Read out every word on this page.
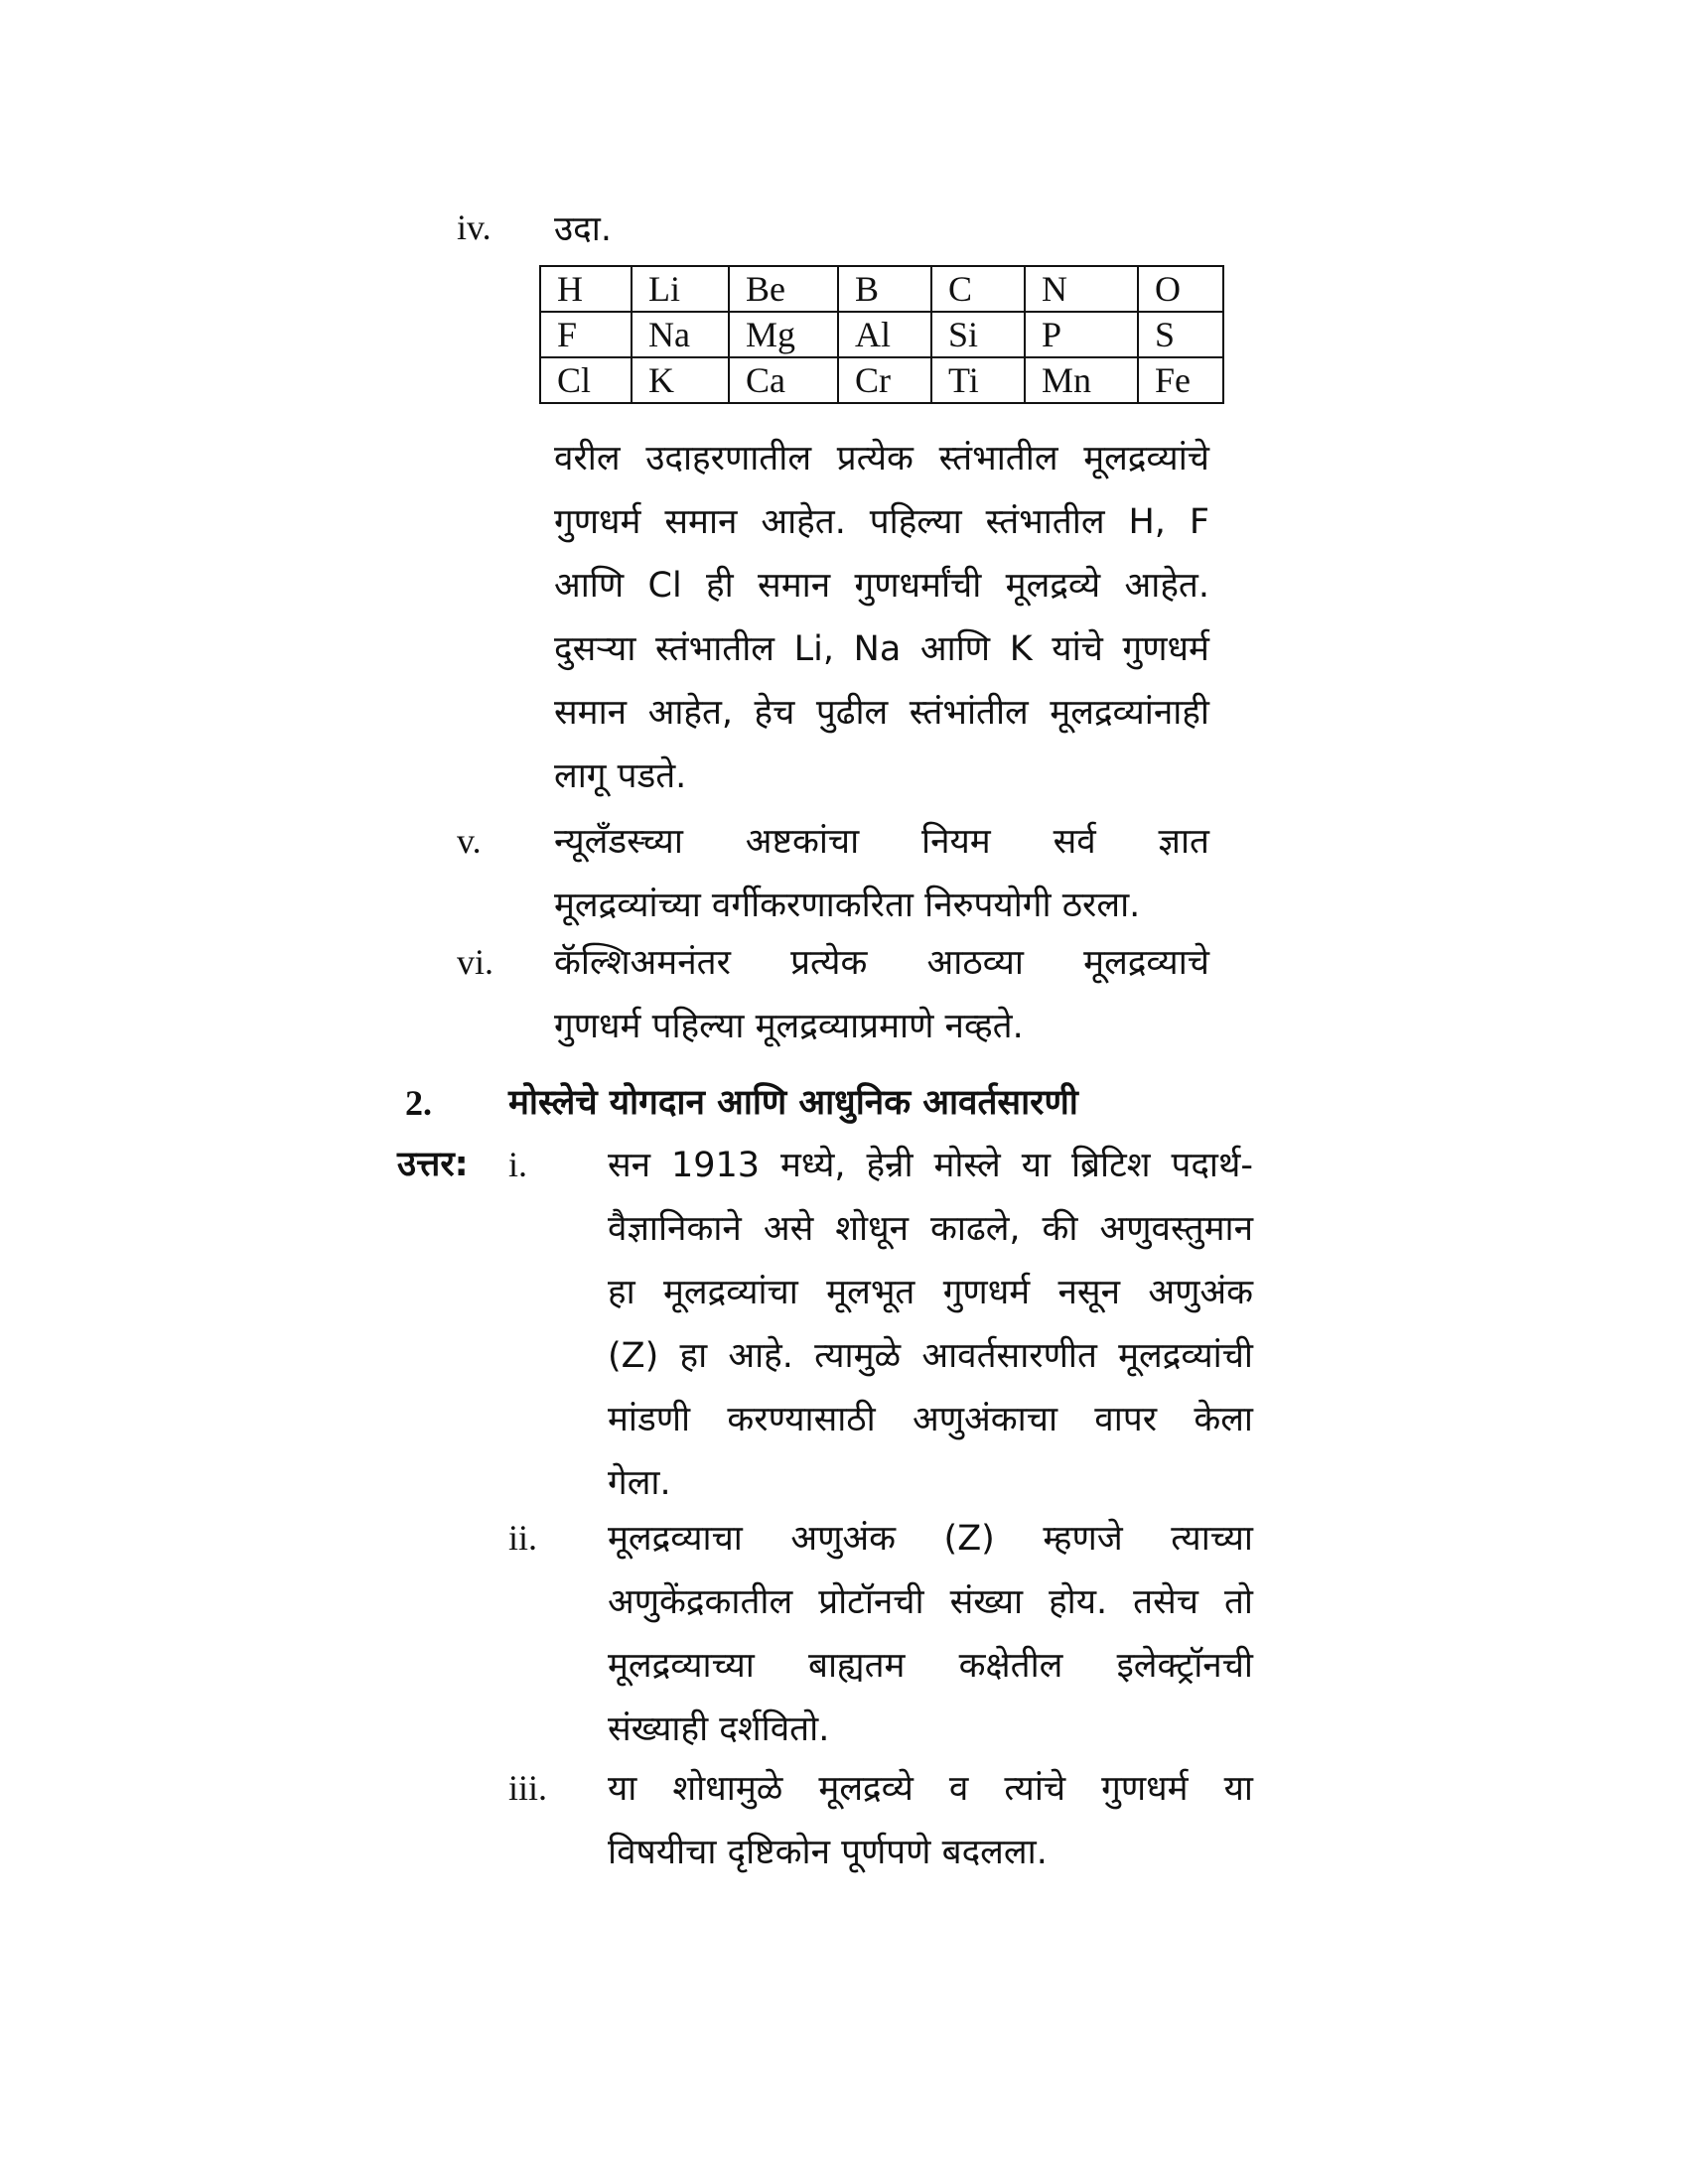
iv. उदा.
H	Li	Be	B	C	N	O
F	Na	Mg	Al	Si	P	S
Cl	K	Ca	Cr	Ti	Mn	Fe
वरील उदाहरणातील प्रत्येक स्तंभातील मूलद्रव्यांचे
गुणधर्म समान आहेत. पहिल्या स्तंभातील H, F
आणि Cl ही समान गुणधर्मांची मूलद्रव्ये आहेत.
दुसऱ्या स्तंभातील Li, Na आणि K यांचे गुणधर्म
समान आहेत, हेच पुढील स्तंभांतील मूलद्रव्यांनाही
लागू पडते.
v. न्यूलँडस्च्या अष्टकांचा नियम सर्व ज्ञात
मूलद्रव्यांच्या वर्गीकरणाकरिता निरुपयोगी ठरला.
vi. कॅल्शिअमनंतर प्रत्येक आठव्या मूलद्रव्याचे
गुणधर्म पहिल्या मूलद्रव्याप्रमाणे नव्हते.
2. मोस्लेचे योगदान आणि आधुनिक आवर्तसारणी
उत्तर: i. सन 1913 मध्ये, हेन्री मोस्ले या ब्रिटिश पदार्थ-
वैज्ञानिकाने असे शोधून काढले, की अणुवस्तुमान
हा मूलद्रव्यांचा मूलभूत गुणधर्म नसून अणुअंक
(Z) हा आहे. त्यामुळे आवर्तसारणीत मूलद्रव्यांची
मांडणी करण्यासाठी अणुअंकाचा वापर केला
गेला.
ii. मूलद्रव्याचा अणुअंक (Z) म्हणजे त्याच्या
अणुकेंद्रकातील प्रोटॉनची संख्या होय. तसेच तो
मूलद्रव्याच्या बाह्यतम कक्षेतील इलेक्ट्रॉनची
संख्याही दर्शवितो.
iii. या शोधामुळे मूलद्रव्ये व त्यांचे गुणधर्म या
विषयीचा दृष्टिकोन पूर्णपणे बदलला.
